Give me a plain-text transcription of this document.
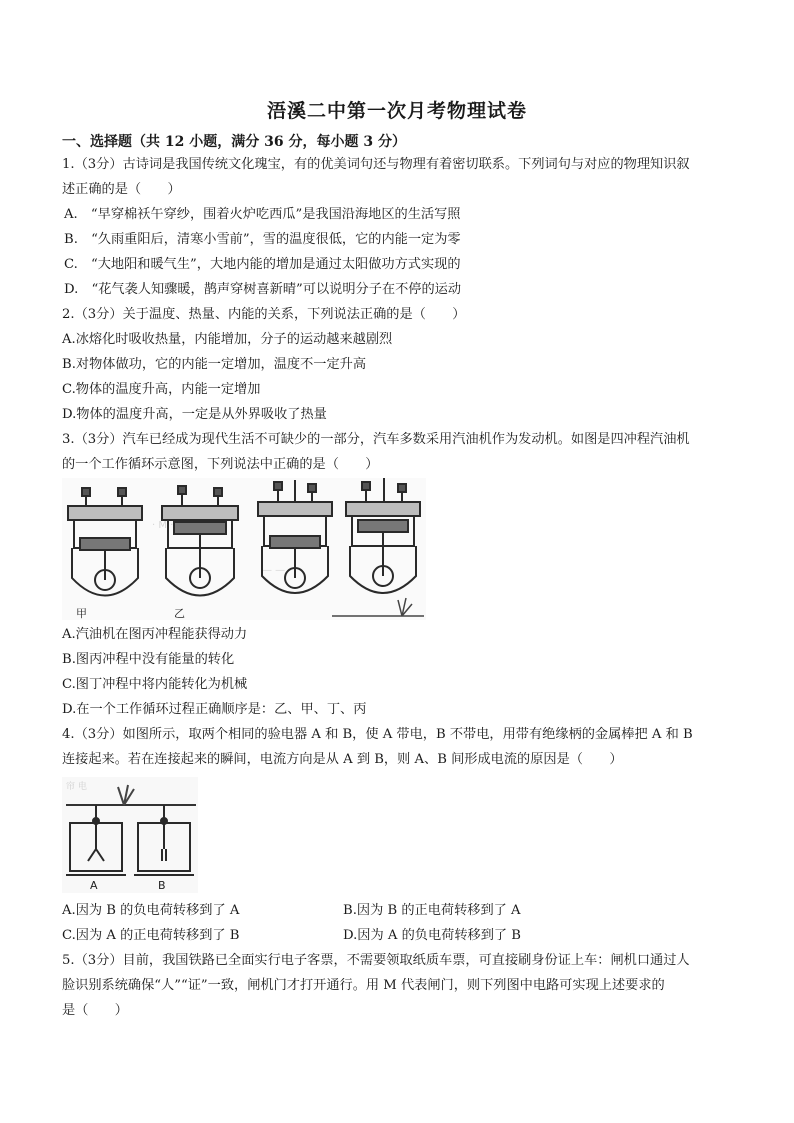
浯溪二中第一次月考物理试卷
一、选择题（共 12 小题，满分 36 分，每小题 3 分）
1.（3分）古诗词是我国传统文化瑰宝，有的优美词句还与物理有着密切联系。下列词句与对应的物理知识叙
述正确的是（　　）
A.　“早穿棉袄午穿纱，围着火炉吃西瓜”是我国沿海地区的生活写照
B.　“久雨重阳后，清寒小雪前”，雪的温度很低，它的内能一定为零
C.　“大地阳和暖气生”，大地内能的增加是通过太阳做功方式实现的
D.　“花气袭人知骤暖，鹊声穿树喜新晴”可以说明分子在不停的运动
2.（3分）关于温度、热量、内能的关系，下列说法正确的是（　　）
A.冰熔化时吸收热量，内能增加，分子的运动越来越剧烈
B.对物体做功，它的内能一定增加，温度不一定升高
C.物体的温度升高，内能一定增加
D.物体的温度升高，一定是从外界吸收了热量
3.（3分）汽车已经成为现代生活不可缺少的一部分，汽车多数采用汽油机作为发动机。如图是四冲程汽油机
的一个工作循环示意图，下列说法中正确的是（　　）
· M ·
— —
甲	乙
A.汽油机在图丙冲程能获得动力
B.图丙冲程中没有能量的转化
C.图丁冲程中将内能转化为机械
D.在一个工作循环过程正确顺序是：乙、甲、丁、丙
4.（3分）如图所示，取两个相同的验电器 A 和 B，使 A 带电，B 不带电，用带有绝缘柄的金属棒把 A 和 B
连接起来。若在连接起来的瞬间，电流方向是从 A 到 B，则 A、B 间形成电流的原因是（　　）
帘 电
A	B
A.因为 B 的负电荷转移到了 A	B.因为 B 的正电荷转移到了 A
C.因为 A 的正电荷转移到了 B	D.因为 A 的负电荷转移到了 B
5.（3分）目前，我国铁路已全面实行电子客票，不需要领取纸质车票，可直接刷身份证上车：闸机口通过人
脸识别系统确保“人”“证”一致，闸机门才打开通行。用 M 代表闸门，则下列图中电路可实现上述要求的
是（　　）
